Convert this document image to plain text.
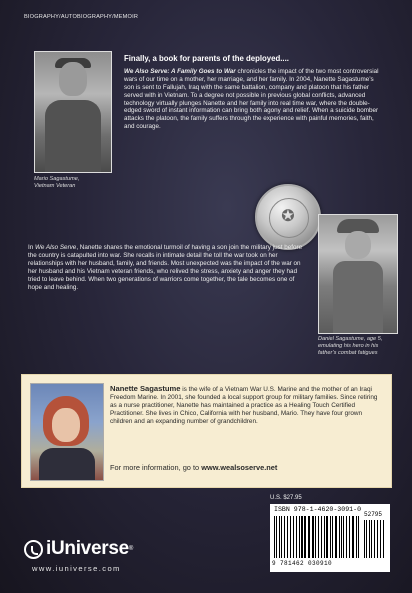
BIOGRAPHY/AUTOBIOGRAPHY/MEMOIR
Mario Sagastume,
Vietnam Veteran
Finally, a book for parents of the deployed....
We Also Serve: A Family Goes to War chronicles the impact of the two most controversial wars of our time on a mother, her marriage, and her family. In 2004, Nanette Sagastume’s son is sent to Fallujah, Iraq with the same battalion, company and platoon that his father served with in Vietnam. To a degree not possible in previous global conflicts, advanced technology virtually plunges Nanette and her family into real time war, where the double-edged sword of instant information can bring both agony and relief. When a suicide bomber attacks the platoon, the family suffers through the experience with painful memories, faith, and courage.
✪
In We Also Serve, Nanette shares the emotional turmoil of having a son join the military just before the country is catapulted into war. She recalls in intimate detail the toll the war took on her relationships with her husband, family, and friends. Most unexpected was the impact of the war on her husband and his Vietnam veteran friends, who relived the stress, anxiety and anger they had tried to leave behind. When two generations of warriors come together, the tale becomes one of hope and healing.
Daniel Sagastume, age 5,
emulating his hero in his
father’s combat fatigues
Nanette Sagastume is the wife of a Vietnam War U.S. Marine and the mother of an Iraqi Freedom Marine. In 2001, she founded a local support group for military families. Since retiring as a nurse practitioner, Nanette has maintained a practice as a Healing Touch Certified Practitioner. She lives in Chico, California with her husband, Mario. They have four grown children and an expanding number of grandchildren.
For more information, go to www.wealsoserve.net
U.S. $27.95
ISBN 978-1-4620-3091-0
52795
9 781462 030910
iUniverse ®
www.iuniverse.com
